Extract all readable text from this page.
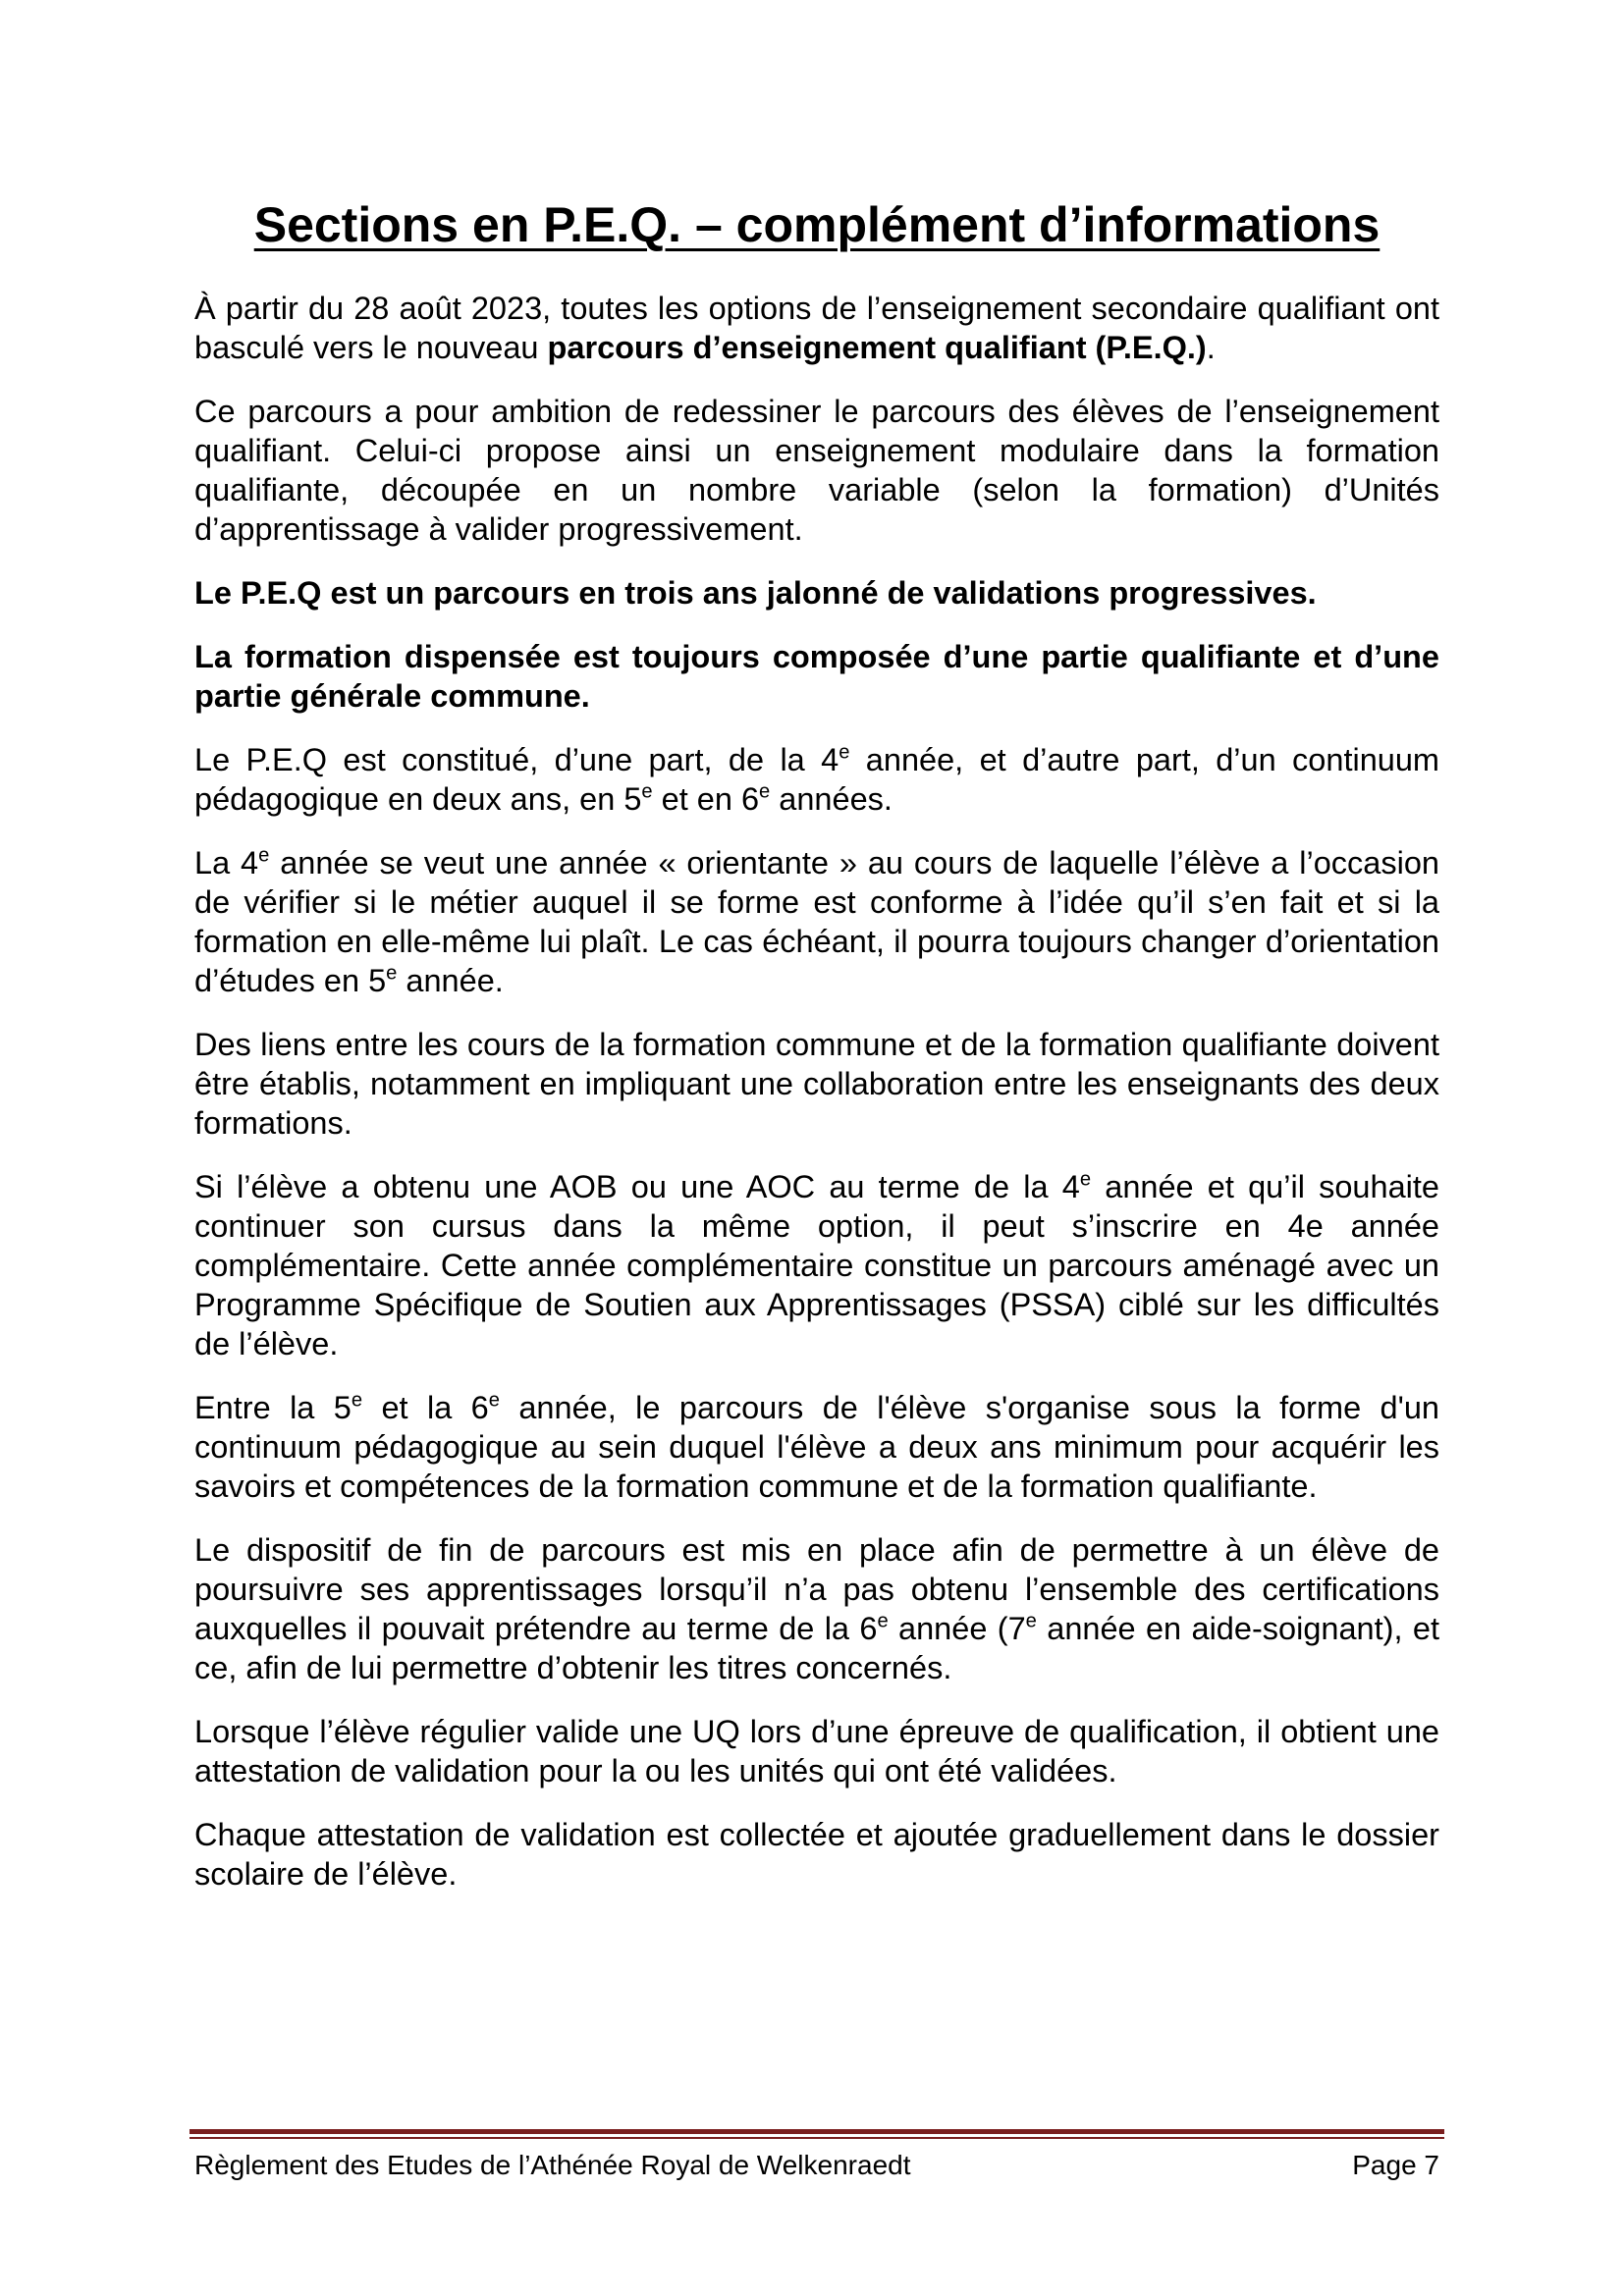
Sections en P.E.Q. – complément d’informations

À partir du 28 août 2023, toutes les options de l’enseignement secondaire qualifiant ont basculé vers le nouveau parcours d’enseignement qualifiant (P.E.Q.).

Ce parcours a pour ambition de redessiner le parcours des élèves de l’enseignement qualifiant. Celui-ci propose ainsi un enseignement modulaire dans la formation qualifiante, découpée en un nombre variable (selon la formation) d’Unités d’apprentissage à valider progressivement.

Le P.E.Q est un parcours en trois ans jalonné de validations progressives.

La formation dispensée est toujours composée d’une partie qualifiante et d’une partie générale commune.

Le P.E.Q est constitué, d’une part, de la 4e année, et d’autre part, d’un continuum pédagogique en deux ans, en 5e et en 6e années.

La 4e année se veut une année « orientante » au cours de laquelle l’élève a l’occasion de vérifier si le métier auquel il se forme est conforme à l’idée qu’il s’en fait et si la formation en elle-même lui plaît. Le cas échéant, il pourra toujours changer d’orientation d’études en 5e année.

Des liens entre les cours de la formation commune et de la formation qualifiante doivent être établis, notamment en impliquant une collaboration entre les enseignants des deux formations.

Si l’élève a obtenu une AOB ou une AOC au terme de la 4e année et qu’il souhaite continuer son cursus dans la même option, il peut s’inscrire en 4e année complémentaire. Cette année complémentaire constitue un parcours aménagé avec un Programme Spécifique de Soutien aux Apprentissages (PSSA) ciblé sur les difficultés de l’élève.

Entre la 5e et la 6e année, le parcours de l'élève s'organise sous la forme d'un continuum pédagogique au sein duquel l'élève a deux ans minimum pour acquérir les savoirs et compétences de la formation commune et de la formation qualifiante.

Le dispositif de fin de parcours est mis en place afin de permettre à un élève de poursuivre ses apprentissages lorsqu’il n’a pas obtenu l’ensemble des certifications auxquelles il pouvait prétendre au terme de la 6e année (7e année en aide-soignant), et ce, afin de lui permettre d’obtenir les titres concernés.

Lorsque l’élève régulier valide une UQ lors d’une épreuve de qualification, il obtient une attestation de validation pour la ou les unités qui ont été validées.

Chaque attestation de validation est collectée et ajoutée graduellement dans le dossier scolaire de l’élève.

Règlement des Etudes de l’Athénée Royal de Welkenraedt	Page 7
